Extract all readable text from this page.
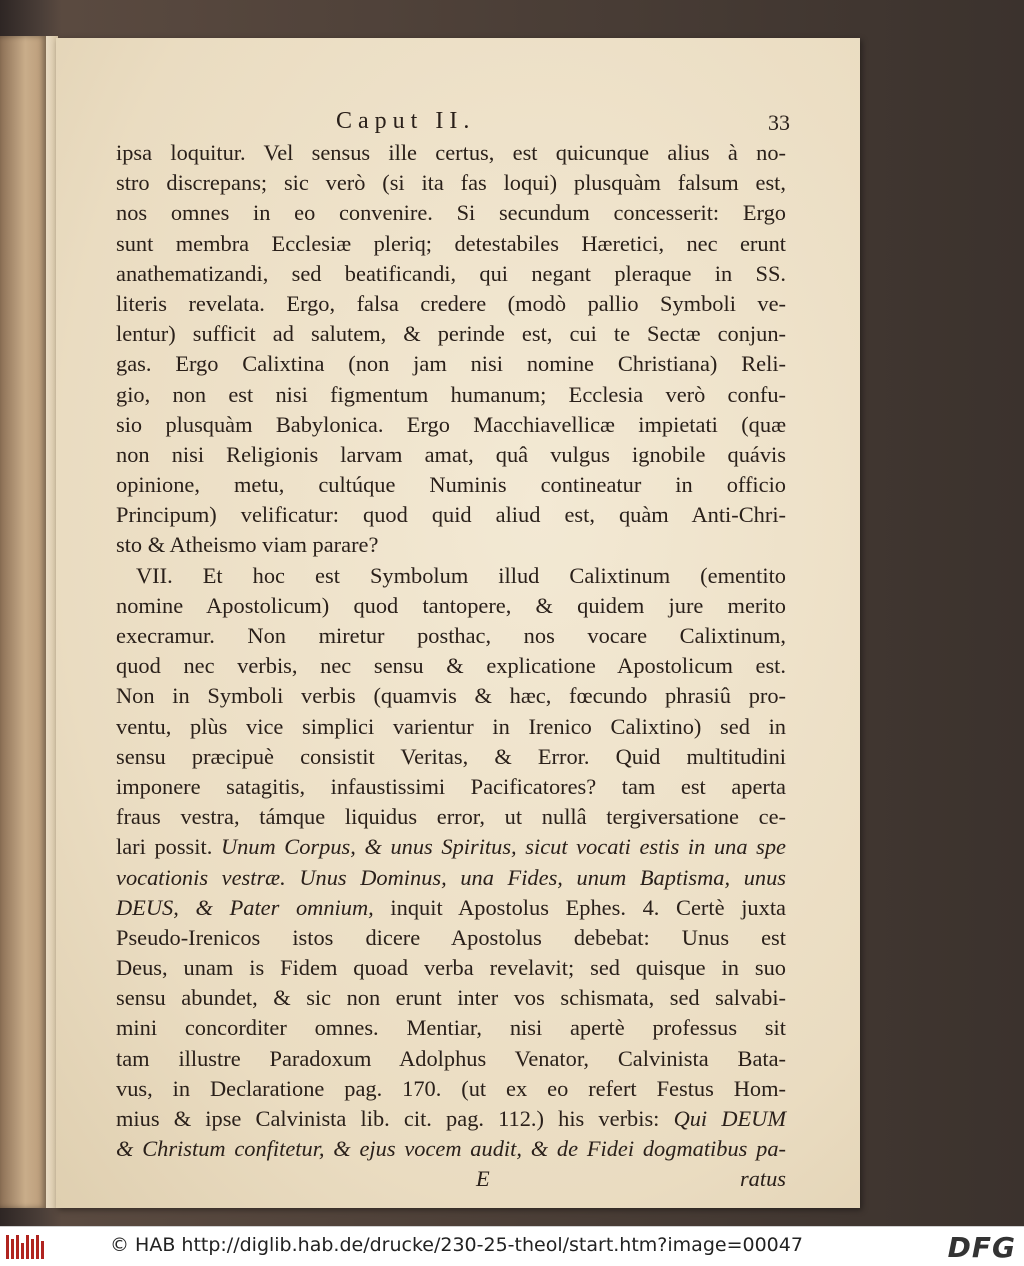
Caput II.	33
ipsa loquitur. Vel sensus ille certus, est quicunque alius à no-
stro discrepans; sic verò (si ita fas loqui) plusquàm falsum est,
nos omnes in eo convenire. Si secundum concesserit: Ergo
sunt membra Ecclesiæ pleriq; detestabiles Hæretici, nec erunt
anathematizandi, sed beatificandi, qui negant pleraque in SS.
literis revelata. Ergo, falsa credere (modò pallio Symboli ve-
lentur) sufficit ad salutem, & perinde est, cui te Sectæ conjun-
gas. Ergo Calixtina (non jam nisi nomine Christiana) Reli-
gio, non est nisi figmentum humanum; Ecclesia verò confu-
sio plusquàm Babylonica. Ergo Macchiavellicæ impietati (quæ
non nisi Religionis larvam amat, quâ vulgus ignobile quávis
opinione, metu, cultúque Numinis contineatur in officio
Principum) velificatur: quod quid aliud est, quàm Anti-Chri-
sto & Atheismo viam parare?
VII. Et hoc est Symbolum illud Calixtinum (ementito
nomine Apostolicum) quod tantopere, & quidem jure merito
execramur. Non miretur posthac, nos vocare Calixtinum,
quod nec verbis, nec sensu & explicatione Apostolicum est.
Non in Symboli verbis (quamvis & hæc, fœcundo phrasiû pro-
ventu, plùs vice simplici varientur in Irenico Calixtino) sed in
sensu præcipuè consistit Veritas, & Error. Quid multitudini
imponere satagitis, infaustissimi Pacificatores? tam est aperta
fraus vestra, támque liquidus error, ut nullâ tergiversatione ce-
lari possit. Unum Corpus, & unus Spiritus, sicut vocati estis in una spe
vocationis vestræ. Unus Dominus, una Fides, unum Baptisma, unus
DEUS, & Pater omnium, inquit Apostolus Ephes. 4. Certè juxta
Pseudo-Irenicos istos dicere Apostolus debebat: Unus est
Deus, unam is Fidem quoad verba revelavit; sed quisque in suo
sensu abundet, & sic non erunt inter vos schismata, sed salvabi-
mini concorditer omnes. Mentiar, nisi apertè professus sit
tam illustre Paradoxum Adolphus Venator, Calvinista Bata-
vus, in Declaratione pag. 170. (ut ex eo refert Festus Hom-
mius & ipse Calvinista lib. cit. pag. 112.) his verbis: Qui DEUM
& Christum confitetur, & ejus vocem audit, & de Fidei dogmatibus pa-
E	ratus
© HAB http://diglib.hab.de/drucke/230-25-theol/start.htm?image=00047	DFG
